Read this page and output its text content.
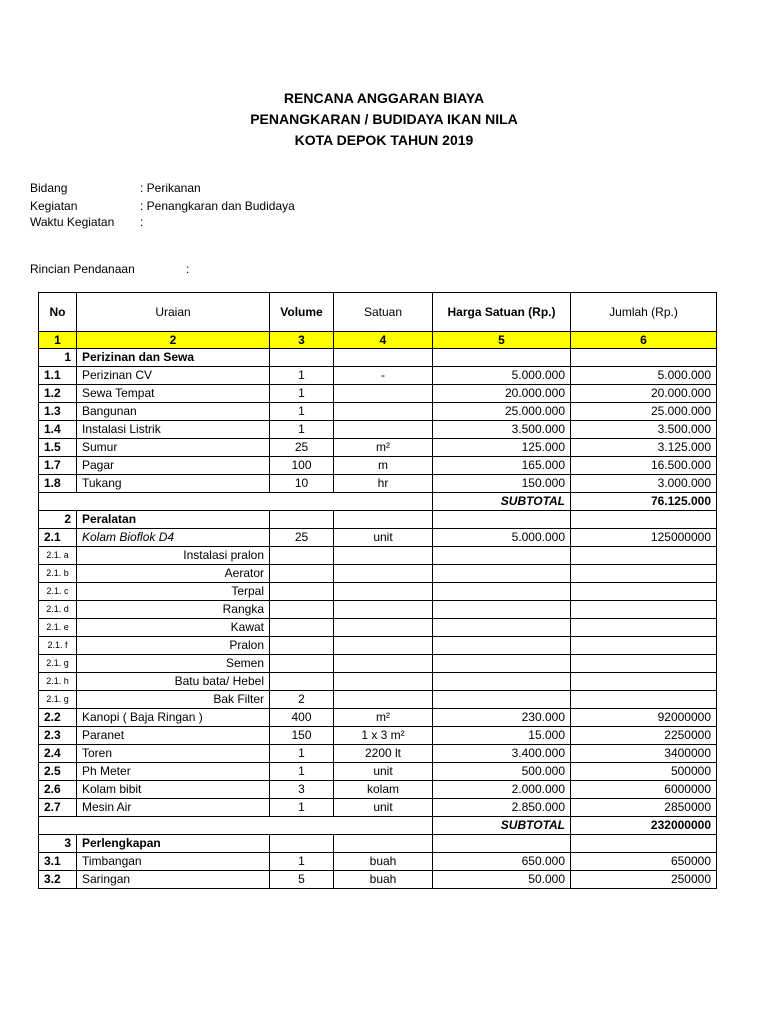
RENCANA ANGGARAN BIAYA
PENANGKARAN / BUDIDAYA IKAN NILA
KOTA DEPOK TAHUN 2019
Bidang	: Perikanan
Kegiatan	: Penangkaran dan Budidaya
Waktu Kegiatan :
Rincian Pendanaan	:
No	Uraian	Volume	Satuan	Harga Satuan (Rp.)	Jumlah (Rp.)
1	2	3	4	5	6
1	Perizinan dan Sewa				
1.1	Perizinan CV	1	-	5.000.000	5.000.000
1.2	Sewa Tempat	1		20.000.000	20.000.000
1.3	Bangunan	1		25.000.000	25.000.000
1.4	Instalasi Listrik	1		3.500.000	3.500.000
1.5	Sumur	25	m²	125.000	3.125.000
1.7	Pagar	100	m	165.000	16.500.000
1.8	Tukang	10	hr	150.000	3.000.000
				SUBTOTAL	76.125.000
2	Peralatan				
2.1	Kolam Bioflok D4	25	unit	5.000.000	125000000
2.1. a	Instalasi pralon				
2.1. b	Aerator				
2.1. c	Terpal				
2.1. d	Rangka				
2.1. e	Kawat				
2.1. f	Pralon				
2.1. g	Semen				
2.1. h	Batu bata/ Hebel				
2.1. g	Bak Filter	2			
2.2	Kanopi ( Baja Ringan )	400	m²	230.000	92000000
2.3	Paranet	150	1 x 3 m²	15.000	2250000
2.4	Toren	1	2200 lt	3.400.000	3400000
2.5	Ph Meter	1	unit	500.000	500000
2.6	Kolam bibit	3	kolam	2.000.000	6000000
2.7	Mesin Air	1	unit	2.850.000	2850000
				SUBTOTAL	232000000
3	Perlengkapan				
3.1	Timbangan	1	buah	650.000	650000
3.2	Saringan	5	buah	50.000	250000
